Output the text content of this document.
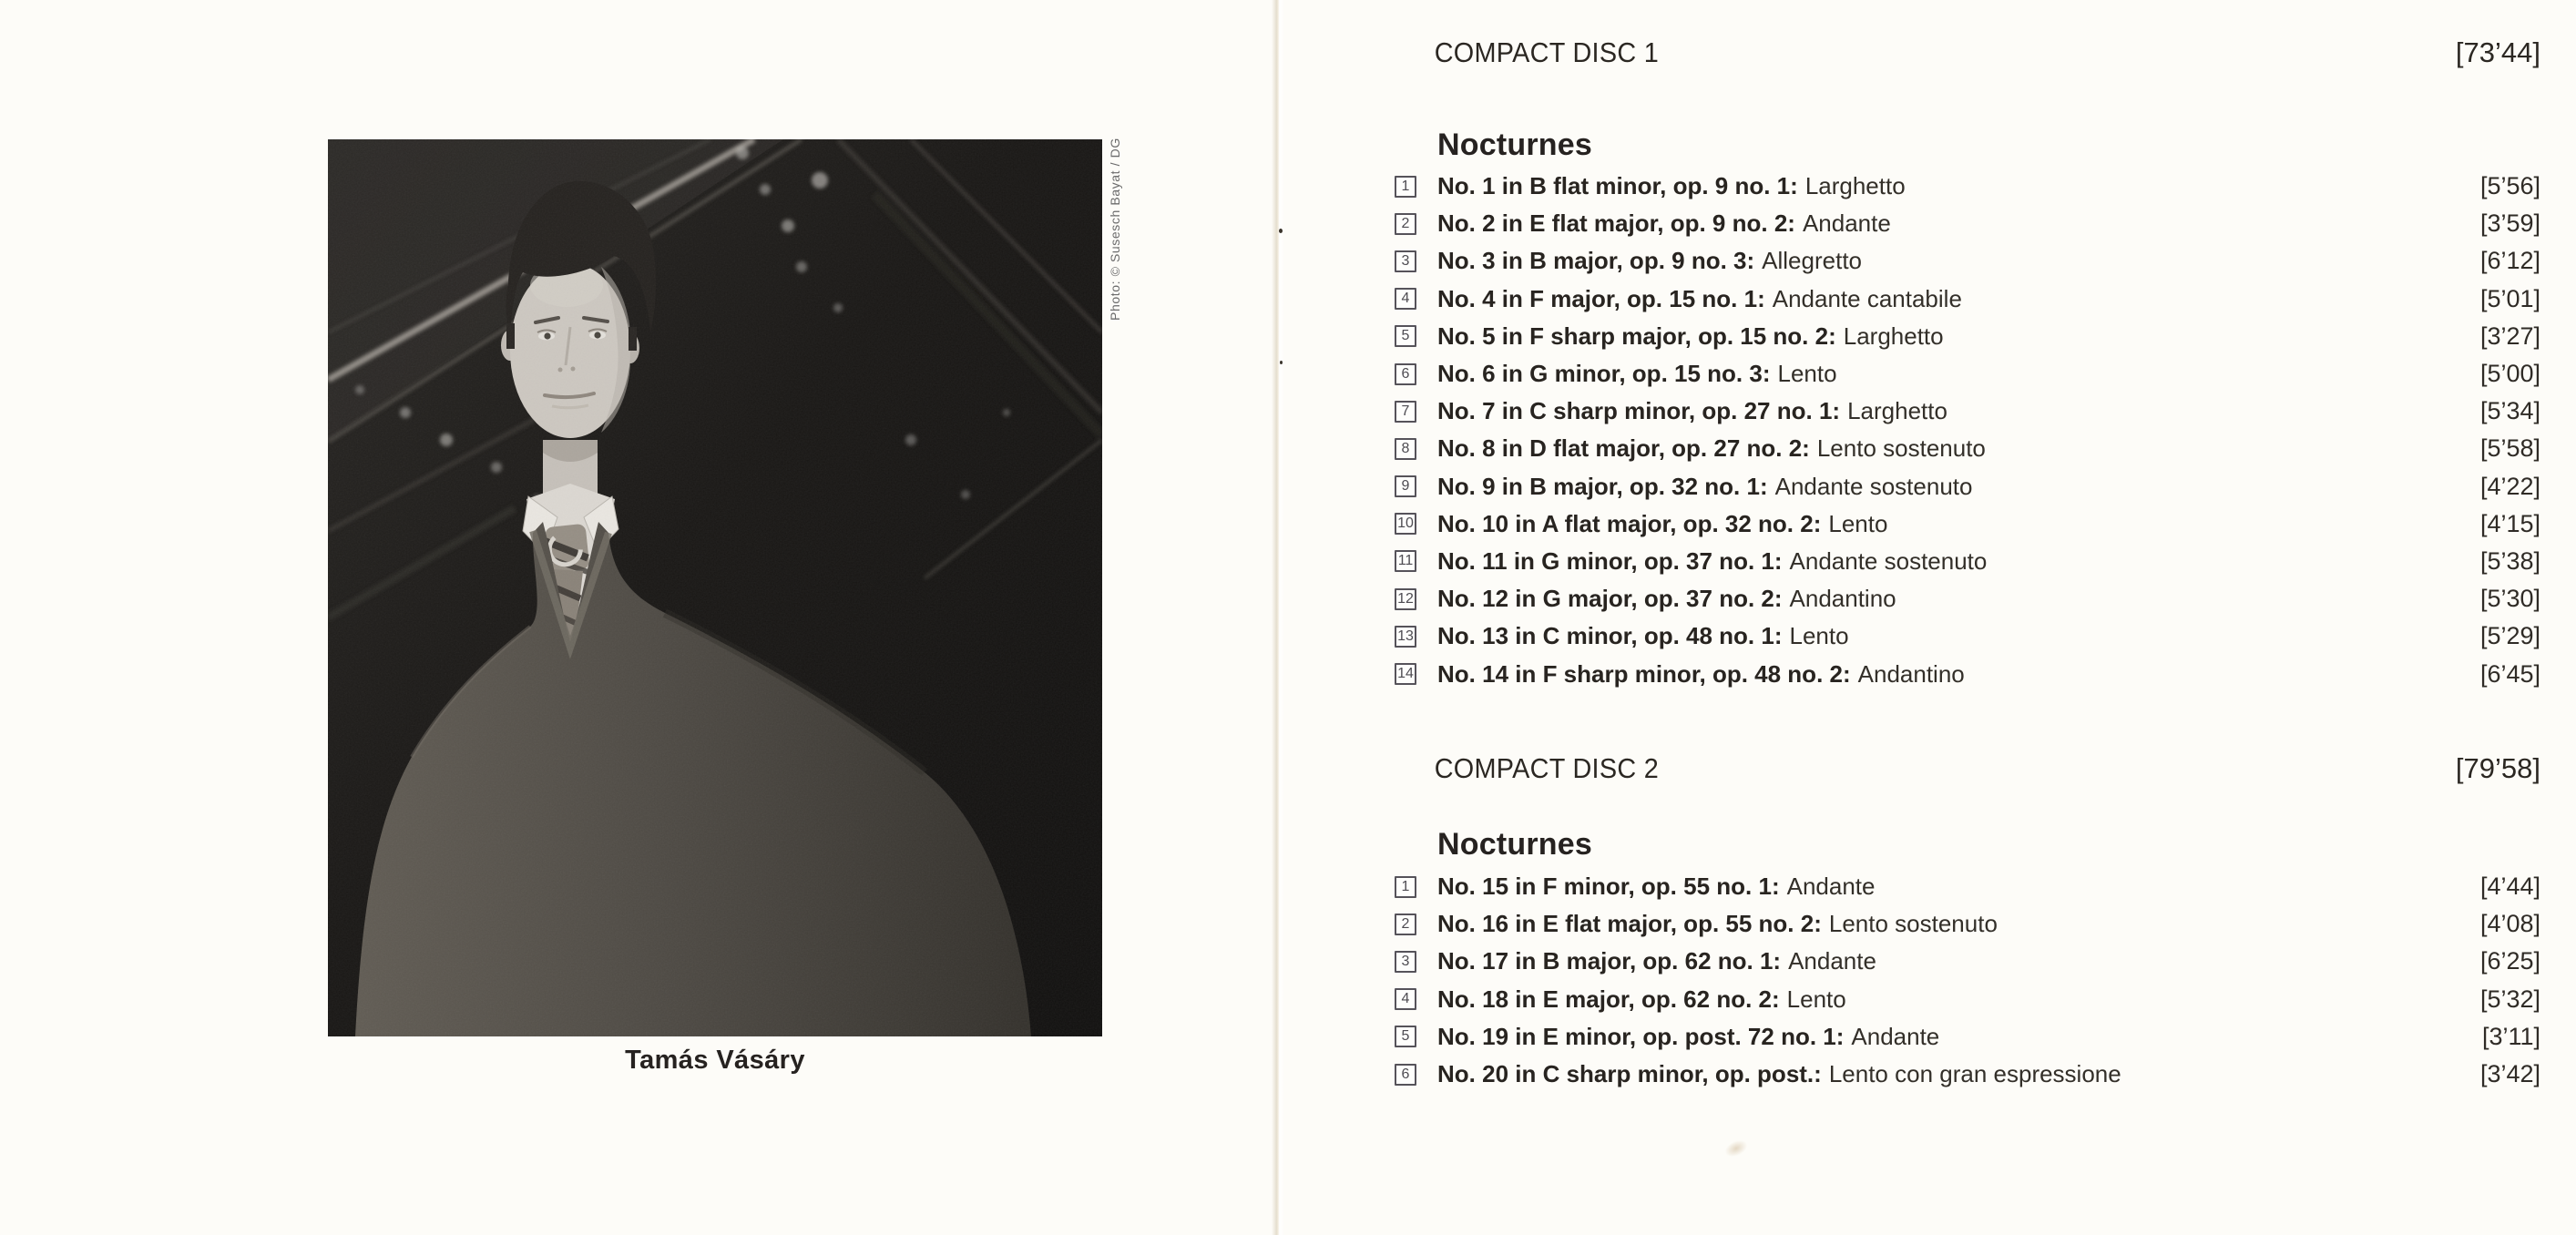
Photo: © Susesch Bayat / DG
Tamás Vásáry
COMPACT DISC 1	[73’44]
Nocturnes
1 No. 1 in B flat minor, op. 9 no. 1: Larghetto	[5’56]
2 No. 2 in E flat major, op. 9 no. 2: Andante	[3’59]
3 No. 3 in B major, op. 9 no. 3: Allegretto	[6’12]
4 No. 4 in F major, op. 15 no. 1: Andante cantabile	[5’01]
5 No. 5 in F sharp major, op. 15 no. 2: Larghetto	[3’27]
6 No. 6 in G minor, op. 15 no. 3: Lento	[5’00]
7 No. 7 in C sharp minor, op. 27 no. 1: Larghetto	[5’34]
8 No. 8 in D flat major, op. 27 no. 2: Lento sostenuto	[5’58]
9 No. 9 in B major, op. 32 no. 1: Andante sostenuto	[4’22]
10 No. 10 in A flat major, op. 32 no. 2: Lento	[4’15]
11 No. 11 in G minor, op. 37 no. 1: Andante sostenuto	[5’38]
12 No. 12 in G major, op. 37 no. 2: Andantino	[5’30]
13 No. 13 in C minor, op. 48 no. 1: Lento	[5’29]
14 No. 14 in F sharp minor, op. 48 no. 2: Andantino	[6’45]
COMPACT DISC 2	[79’58]
Nocturnes
1 No. 15 in F minor, op. 55 no. 1: Andante	[4’44]
2 No. 16 in E flat major, op. 55 no. 2: Lento sostenuto	[4’08]
3 No. 17 in B major, op. 62 no. 1: Andante	[6’25]
4 No. 18 in E major, op. 62 no. 2: Lento	[5’32]
5 No. 19 in E minor, op. post. 72 no. 1: Andante	[3’11]
6 No. 20 in C sharp minor, op. post.: Lento con gran espressione	[3’42]
